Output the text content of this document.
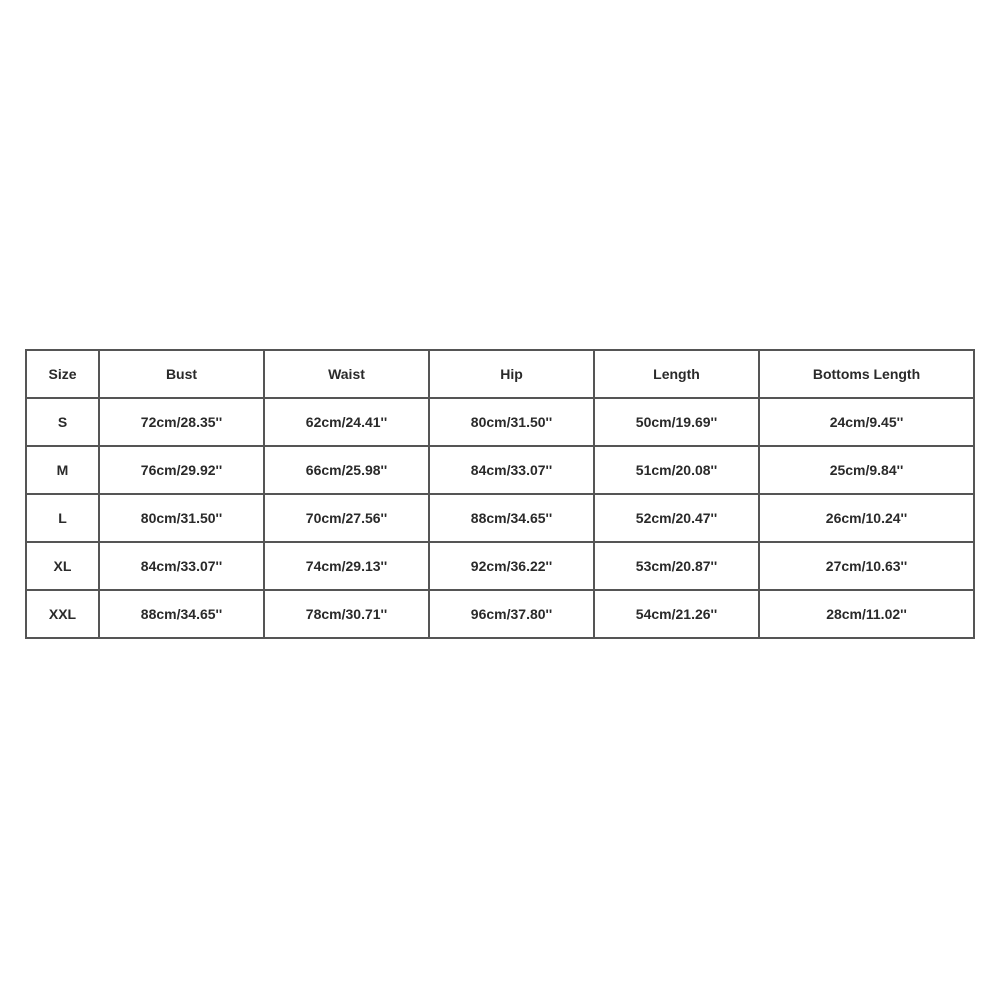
Size	Bust	Waist	Hip	Length	Bottoms Length
S	72cm/28.35''	62cm/24.41''	80cm/31.50''	50cm/19.69''	24cm/9.45''
M	76cm/29.92''	66cm/25.98''	84cm/33.07''	51cm/20.08''	25cm/9.84''
L	80cm/31.50''	70cm/27.56''	88cm/34.65''	52cm/20.47''	26cm/10.24''
XL	84cm/33.07''	74cm/29.13''	92cm/36.22''	53cm/20.87''	27cm/10.63''
XXL	88cm/34.65''	78cm/30.71''	96cm/37.80''	54cm/21.26''	28cm/11.02''
